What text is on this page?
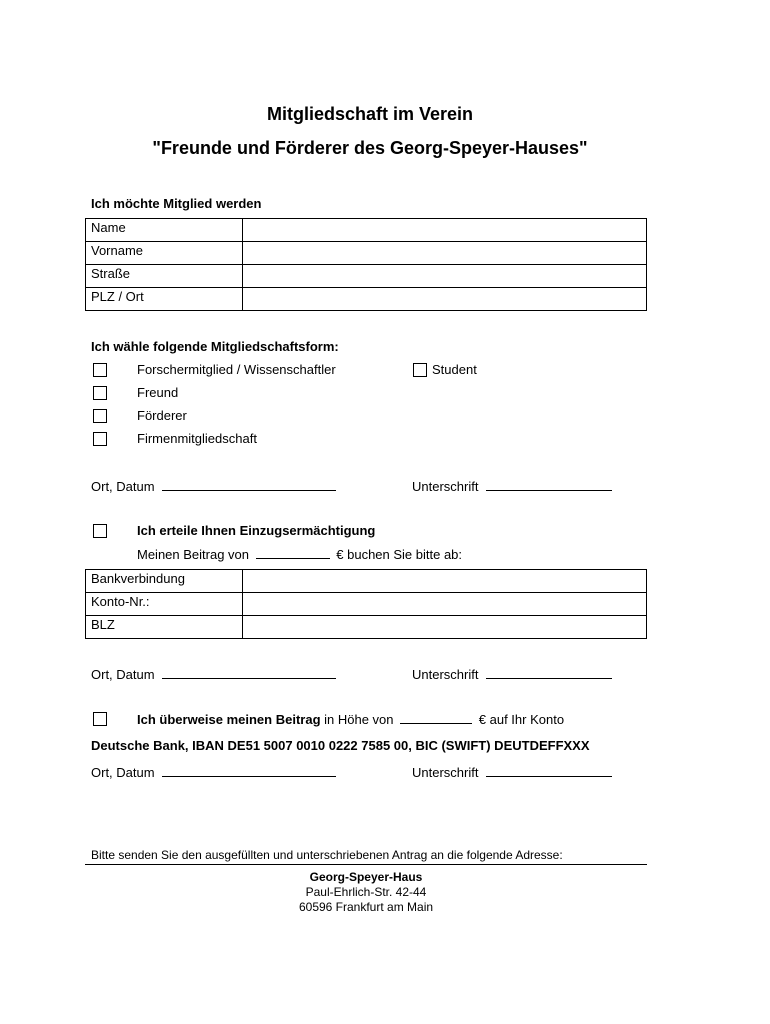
Mitgliedschaft im Verein
"Freunde und Förderer des Georg-Speyer-Hauses"
Ich möchte Mitglied werden
Name	
Vorname	
Straße	
PLZ / Ort	
Ich wähle folgende Mitgliedschaftsform:
Forschermitglied / Wissenschaftler	Student
Freund
Förderer
Firmenmitgliedschaft
Ort, Datum	Unterschrift
Ich erteile Ihnen Einzugsermächtigung
Meinen Beitrag von	€ buchen Sie bitte ab:
Bankverbindung	
Konto-Nr.:	
BLZ	
Ort, Datum	Unterschrift
Ich überweise meinen Beitrag in Höhe von	€ auf Ihr Konto
Deutsche Bank, IBAN DE51 5007 0010 0222 7585 00, BIC (SWIFT) DEUTDEFFXXX
Ort, Datum	Unterschrift
Bitte senden Sie den ausgefüllten und unterschriebenen Antrag an die folgende Adresse:
Georg-Speyer-Haus
Paul-Ehrlich-Str. 42-44
60596 Frankfurt am Main
